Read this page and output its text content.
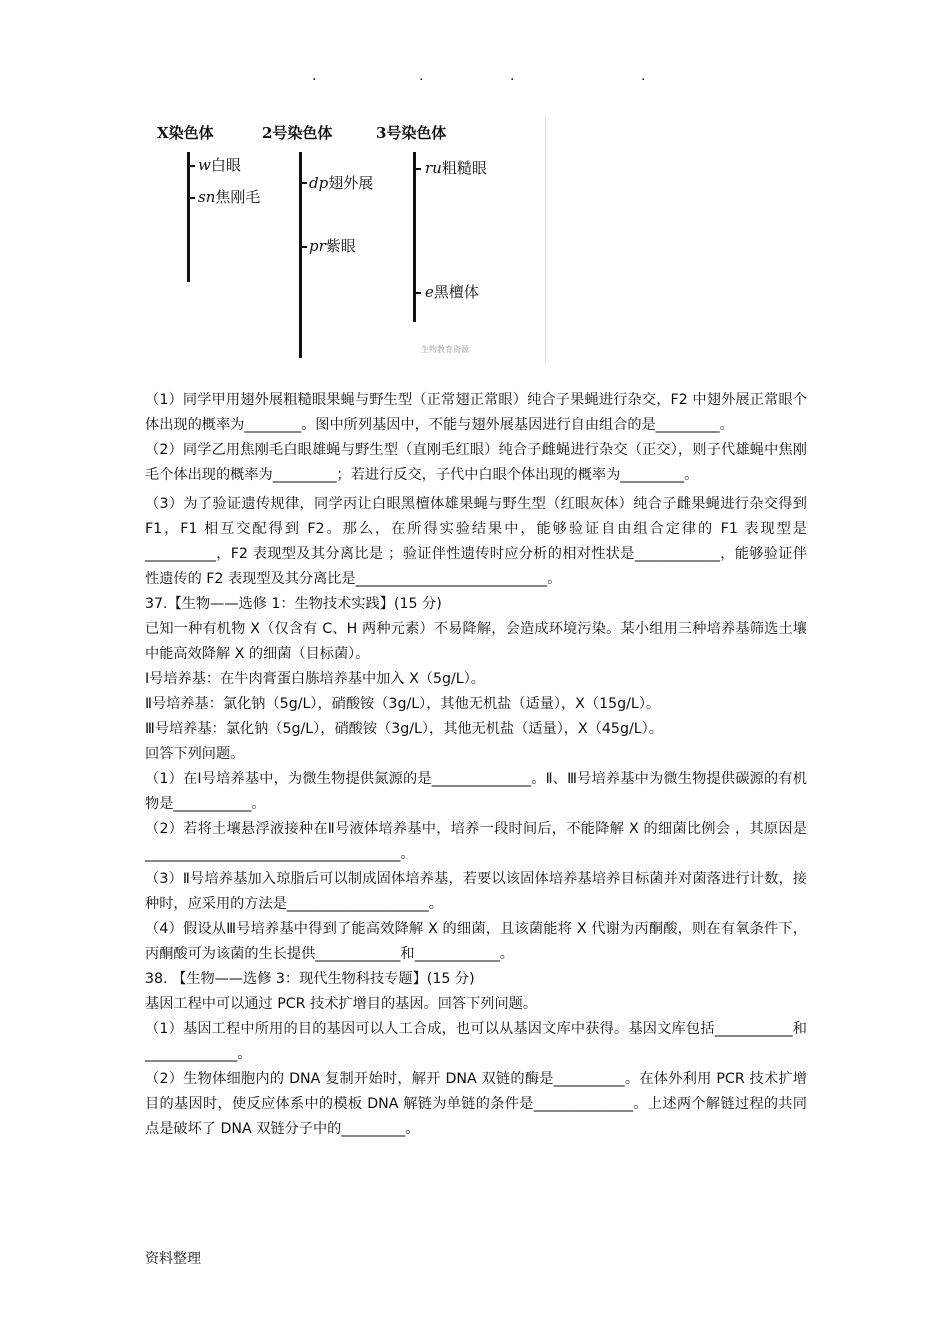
.	.	.	.
X染色体	2号染色体	3号染色体
w白眼
sn焦刚毛
dp翅外展
pr紫眼
ru粗糙眼
e黑檀体
生物教育资源

（1）同学甲用翅外展粗糙眼果蝇与野生型（正常翅正常眼）纯合子果蝇进行杂交，F2 中翅外展正常眼个体出现的概率为________。图中所列基因中，不能与翅外展基因进行自由组合的是_________。

（2）同学乙用焦刚毛白眼雄蝇与野生型（直刚毛红眼）纯合子雌蝇进行杂交（正交），则子代雄蝇中焦刚毛个体出现的概率为_________；若进行反交，子代中白眼个体出现的概率为_________。

（3）为了验证遗传规律，同学丙让白眼黑檀体雄果蝇与野生型（红眼灰体）纯合子雌果蝇进行杂交得到 F1，F1 相互交配得到 F2。那么，在所得实验结果中，能够验证自由组合定律的 F1 表现型是__________，F2 表现型及其分离比是 ；验证伴性遗传时应分析的相对性状是____________，能够验证伴性遗传的 F2 表现型及其分离比是___________________________。

37.【生物——选修 1：生物技术实践】(15 分)

已知一种有机物 X（仅含有 C、H 两种元素）不易降解，会造成环境污染。某小组用三种培养基筛选土壤中能高效降解 X 的细菌（目标菌）。

Ⅰ号培养基：在牛肉膏蛋白胨培养基中加入 X（5g/L）。

Ⅱ号培养基：氯化钠（5g/L），硝酸铵（3g/L），其他无机盐（适量），X（15g/L）。

Ⅲ号培养基：氯化钠（5g/L），硝酸铵（3g/L），其他无机盐（适量），X（45g/L）。

回答下列问题。

（1）在Ⅰ号培养基中，为微生物提供氮源的是______________。Ⅱ、Ⅲ号培养基中为微生物提供碳源的有机物是___________。

（2）若将土壤悬浮液接种在Ⅱ号液体培养基中，培养一段时间后，不能降解 X 的细菌比例会 ，其原因是____________________________________。

（3）Ⅱ号培养基加入琼脂后可以制成固体培养基，若要以该固体培养基培养目标菌并对菌落进行计数，接种时，应采用的方法是____________________。

（4）假设从Ⅲ号培养基中得到了能高效降解 X 的细菌，且该菌能将 X 代谢为丙酮酸，则在有氧条件下，丙酮酸可为该菌的生长提供____________和____________。

38. 【生物——选修 3：现代生物科技专题】(15 分)

基因工程中可以通过 PCR 技术扩增目的基因。回答下列问题。

（1）基因工程中所用的目的基因可以人工合成，也可以从基因文库中获得。基因文库包括___________和_____________。

（2）生物体细胞内的 DNA 复制开始时，解开 DNA 双链的酶是__________。在体外利用 PCR 技术扩增目的基因时，使反应体系中的模板 DNA 解链为单链的条件是______________。上述两个解链过程的共同点是破坏了 DNA 双链分子中的_________。

资料整理
